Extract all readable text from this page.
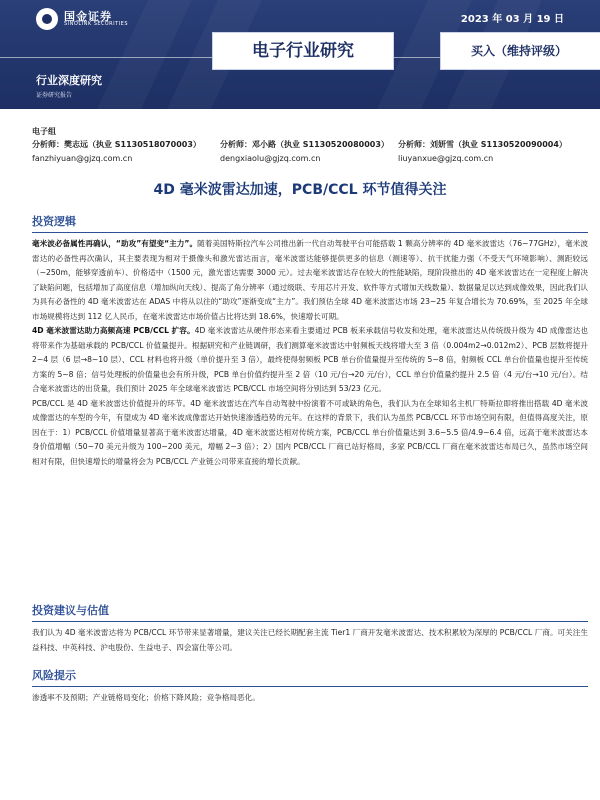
国金证券
SINOLINK SECURITIES	2023 年 03 月 19 日
电子行业研究	买入（维持评级）
行业深度研究
证券研究报告
电子组
分析师：樊志远（执业 S1130518070003）	分析师：邓小路（执业 S1130520080003）	分析师：刘妍雪（执业 S1130520090004）
fanzhiyuan@gjzq.com.cn	dengxiaolu@gjzq.com.cn	liuyanxue@gjzq.com.cn
4D 毫米波雷达加速，PCB/CCL 环节值得关注
投资逻辑

毫米波必备属性再确认，“助攻”有望变“主力”。随着美国特斯拉汽车公司推出新一代自动驾驶平台可能搭载 1 颗高分辨率的 4D 毫米波雷达（76~77GHz），毫米波雷达的必备性再次确认，其主要表现为相对于摄像头和激光雷达而言，毫米波雷达能够提供更多的信息（测速等）、抗干扰能力强（不受天气环境影响）、测距较远（~250m，能够穿透前车）、价格适中（1500 元，激光雷达需要 3000 元）。过去毫米波雷达存在较大的性能缺陷，现阶段推出的 4D 毫米波雷达在一定程度上解决了缺陷问题，包括增加了高度信息（增加纵向天线）、提高了角分辨率（通过级联、专用芯片开发、软件等方式增加天线数量）、数据量足以达到成像效果，因此我们认为具有必备性的 4D 毫米波雷达在 ADAS 中将从以往的“助攻”逐渐变成“主力”。我们预估全球 4D 毫米波雷达市场 23~25 年复合增长为 70.69%，至 2025 年全球市场规模将达到 112 亿人民币，在毫米波雷达市场价值占比将达到 18.6%，快速增长可期。

4D 毫米波雷达助力高频高速 PCB/CCL 扩容。4D 毫米波雷达从硬件形态来看主要通过 PCB 板来承载信号收发和处理，毫米波雷达从传统级升级为 4D 成像雷达也将带来作为基础承载的 PCB/CCL 价值量提升。根据研究和产业链调研，我们测算毫米波雷达中射频板天线将增大至 3 倍（0.004m2→0.012m2）、PCB 层数将提升 2~4 层（6 层→8~10 层）、CCL 材料也将升级（单价提升至 3 倍），最终使得射频板 PCB 单台价值量提升至传统的 5~8 倍，射频板 CCL 单台价值量也提升至传统方案的 5~8 倍；信号处理板的价值量也会有所升级，PCB 单台价值约提升至 2 倍（10 元/台→20 元/台），CCL 单台价值量约提升 2.5 倍（4 元/台→10 元/台）。结合毫米波雷达的出货量，我们预计 2025 年全球毫米波雷达 PCB/CCL 市场空间将分别达到 53/23 亿元。

PCB/CCL 是 4D 毫米波雷达价值提升的环节。4D 毫米波雷达在汽车自动驾驶中扮演着不可或缺的角色，我们认为在全球知名主机厂特斯拉即将推出搭载 4D 毫米波成像雷达的车型的今年，有望成为 4D 毫米波成像雷达开始快速渗透趋势的元年。在这样的背景下，我们认为虽然 PCB/CCL 环节市场空间有限，但值得高度关注，原因在于：1）PCB/CCL 价值增量显著高于毫米波雷达增量，4D 毫米波雷达相对传统方案，PCB/CCL 单台价值量达到 3.6~5.5 倍/4.9~6.4 倍，远高于毫米波雷达本身价值增幅（50~70 美元升级为 100~200 美元，增幅 2~3 倍）；2）国内 PCB/CCL 厂商已站好格局，多家 PCB/CCL 厂商在毫米波雷达布局已久，虽然市场空间相对有限，但快速增长的增量将会为 PCB/CCL 产业链公司带来直接的增长贡献。

投资建议与估值

我们认为 4D 毫米波雷达将为 PCB/CCL 环节带来显著增量，建议关注已经长期配套主流 Tier1 厂商开发毫米波雷达、技术积累较为深厚的 PCB/CCL 厂商。可关注生益科技、中英科技、沪电股份、生益电子、四会富仕等公司。

风险提示

渗透率不及预期；产业链格局变化；价格下降风险；竞争格局恶化。
